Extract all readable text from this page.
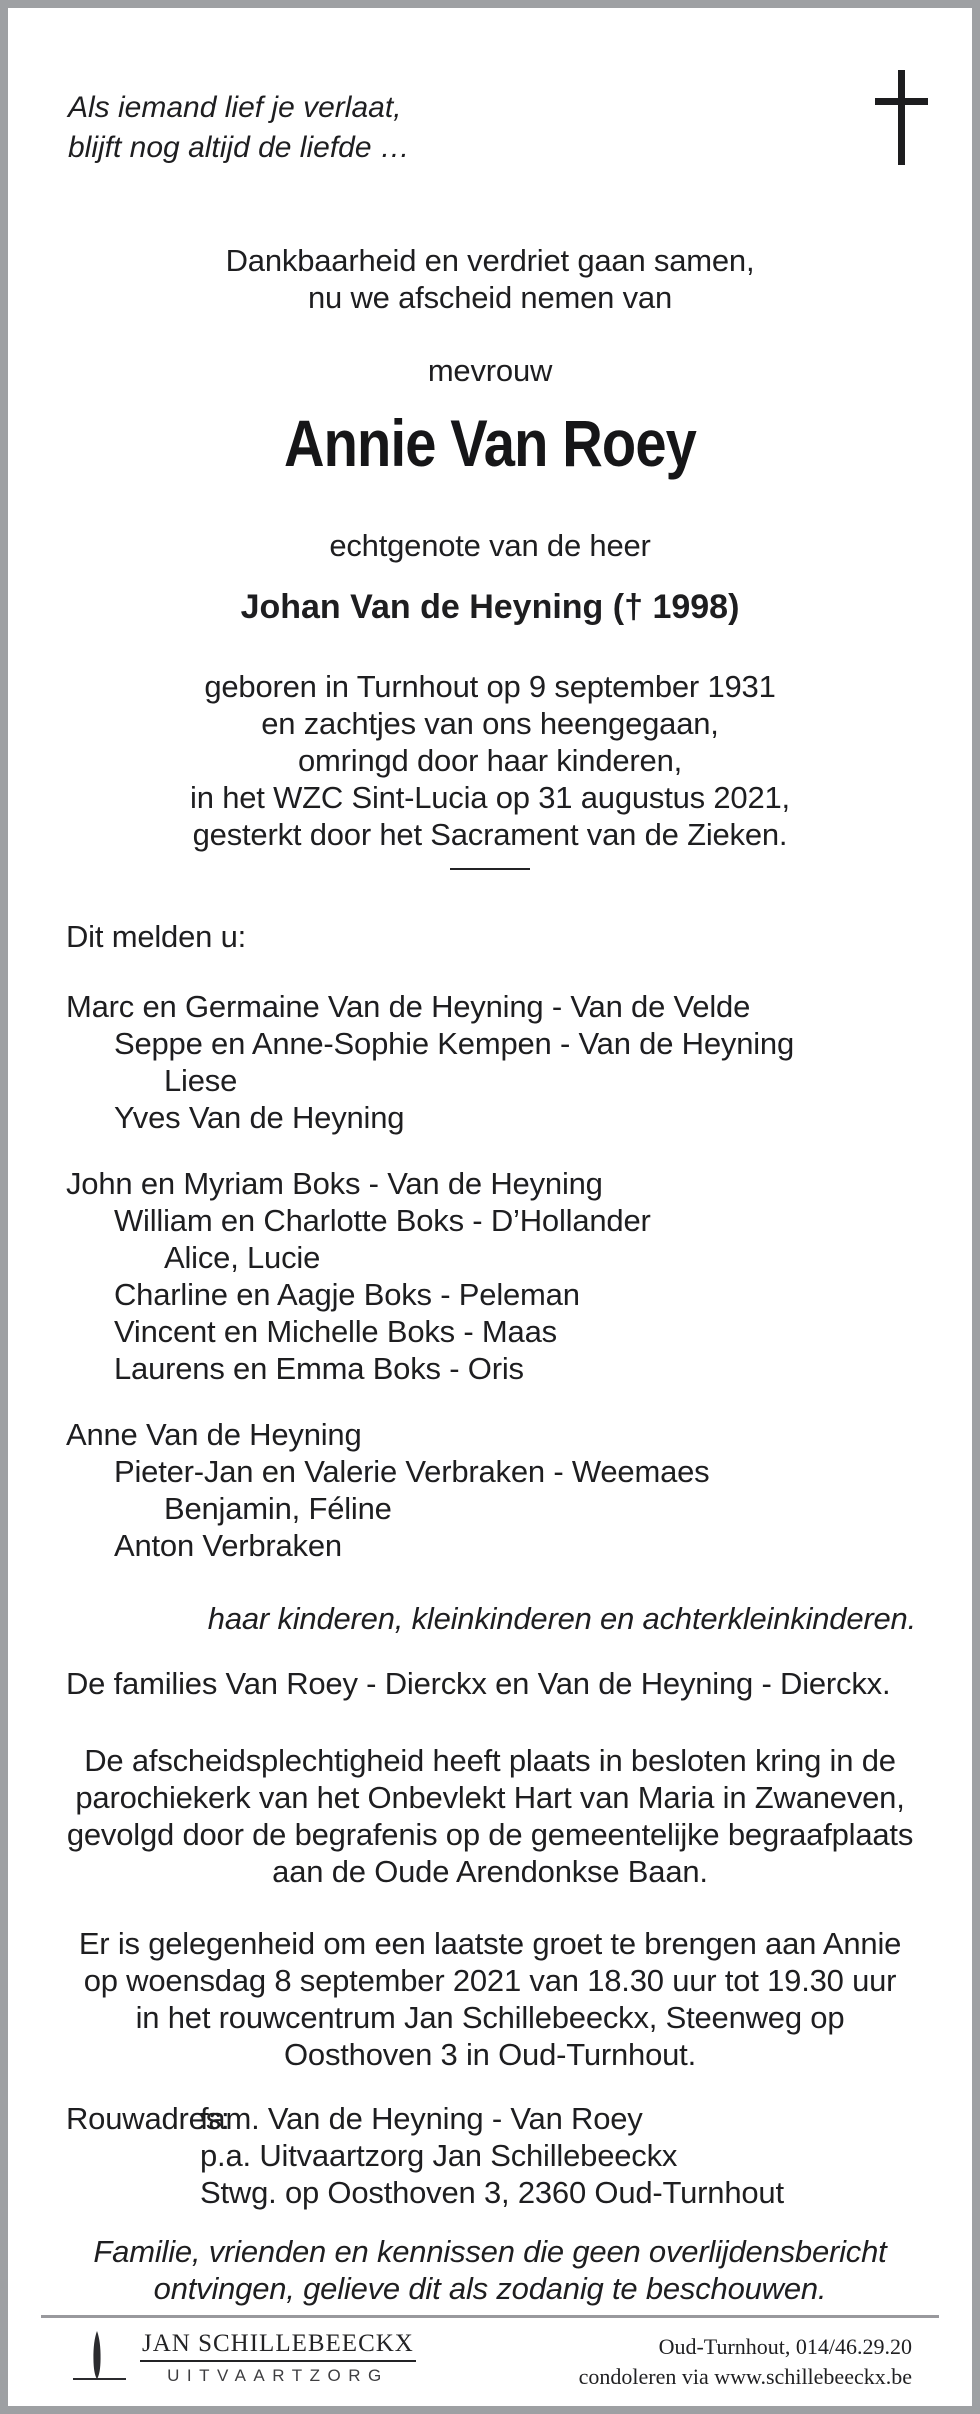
Als iemand lief je verlaat,
blijft nog altijd de liefde …
Dankbaarheid en verdriet gaan samen,
nu we afscheid nemen van
mevrouw
Annie Van Roey
echtgenote van de heer
Johan Van de Heyning († 1998)
geboren in Turnhout op 9 september 1931
en zachtjes van ons heengegaan,
omringd door haar kinderen,
in het WZC Sint-Lucia op 31 augustus 2021,
gesterkt door het Sacrament van de Zieken.
Dit melden u:
Marc en Germaine Van de Heyning - Van de Velde
Seppe en Anne-Sophie Kempen - Van de Heyning
Liese
Yves Van de Heyning
John en Myriam Boks - Van de Heyning
William en Charlotte Boks - D’Hollander
Alice, Lucie
Charline en Aagje Boks - Peleman
Vincent en Michelle Boks - Maas
Laurens en Emma Boks - Oris
Anne Van de Heyning
Pieter-Jan en Valerie Verbraken - Weemaes
Benjamin, Féline
Anton Verbraken
haar kinderen, kleinkinderen en achterkleinkinderen.
De families Van Roey - Dierckx en Van de Heyning - Dierckx.
De afscheidsplechtigheid heeft plaats in besloten kring in de
parochiekerk van het Onbevlekt Hart van Maria in Zwaneven,
gevolgd door de begrafenis op de gemeentelijke begraafplaats
aan de Oude Arendonkse Baan.
Er is gelegenheid om een laatste groet te brengen aan Annie
op woensdag 8 september 2021 van 18.30 uur tot 19.30 uur
in het rouwcentrum Jan Schillebeeckx, Steenweg op
Oosthoven 3 in Oud-Turnhout.
Rouwadres:
fam. Van de Heyning - Van Roey
p.a. Uitvaartzorg Jan Schillebeeckx
Stwg. op Oosthoven 3, 2360 Oud-Turnhout
Familie, vrienden en kennissen die geen overlijdensbericht
ontvingen, gelieve dit als zodanig te beschouwen.
JAN SCHILLEBEECKX
UITVAARTZORG
Oud-Turnhout, 014/46.29.20
condoleren via www.schillebeeckx.be
